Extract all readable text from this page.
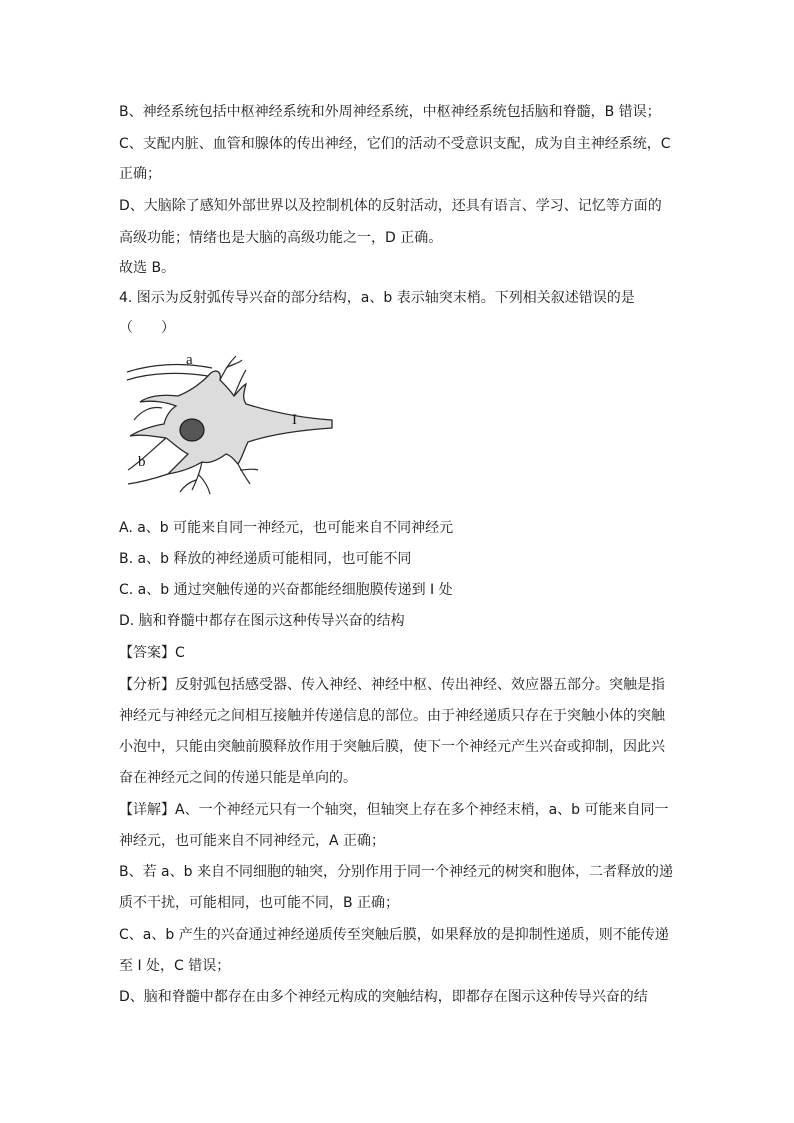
B、神经系统包括中枢神经系统和外周神经系统，中枢神经系统包括脑和脊髓，B 错误；
C、支配内脏、血管和腺体的传出神经，它们的活动不受意识支配，成为自主神经系统，C
正确；
D、大脑除了感知外部世界以及控制机体的反射活动，还具有语言、学习、记忆等方面的
高级功能；情绪也是大脑的高级功能之一，D 正确。
故选 B。
4. 图示为反射弧传导兴奋的部分结构，a、b 表示轴突末梢。下列相关叙述错误的是
（　　）
a
b
I
A. a、b 可能来自同一神经元，也可能来自不同神经元
B. a、b 释放的神经递质可能相同，也可能不同
C. a、b 通过突触传递的兴奋都能经细胞膜传递到 I 处
D. 脑和脊髓中都存在图示这种传导兴奋的结构
【答案】C
【分析】反射弧包括感受器、传入神经、神经中枢、传出神经、效应器五部分。突触是指
神经元与神经元之间相互接触并传递信息的部位。由于神经递质只存在于突触小体的突触
小泡中，只能由突触前膜释放作用于突触后膜，使下一个神经元产生兴奋或抑制，因此兴
奋在神经元之间的传递只能是单向的。
【详解】A、一个神经元只有一个轴突，但轴突上存在多个神经末梢，a、b 可能来自同一
神经元，也可能来自不同神经元，A 正确；
B、若 a、b 来自不同细胞的轴突，分别作用于同一个神经元的树突和胞体，二者释放的递
质不干扰，可能相同，也可能不同，B 正确；
C、a、b 产生的兴奋通过神经递质传至突触后膜，如果释放的是抑制性递质，则不能传递
至 I 处，C 错误；
D、脑和脊髓中都存在由多个神经元构成的突触结构，即都存在图示这种传导兴奋的结
